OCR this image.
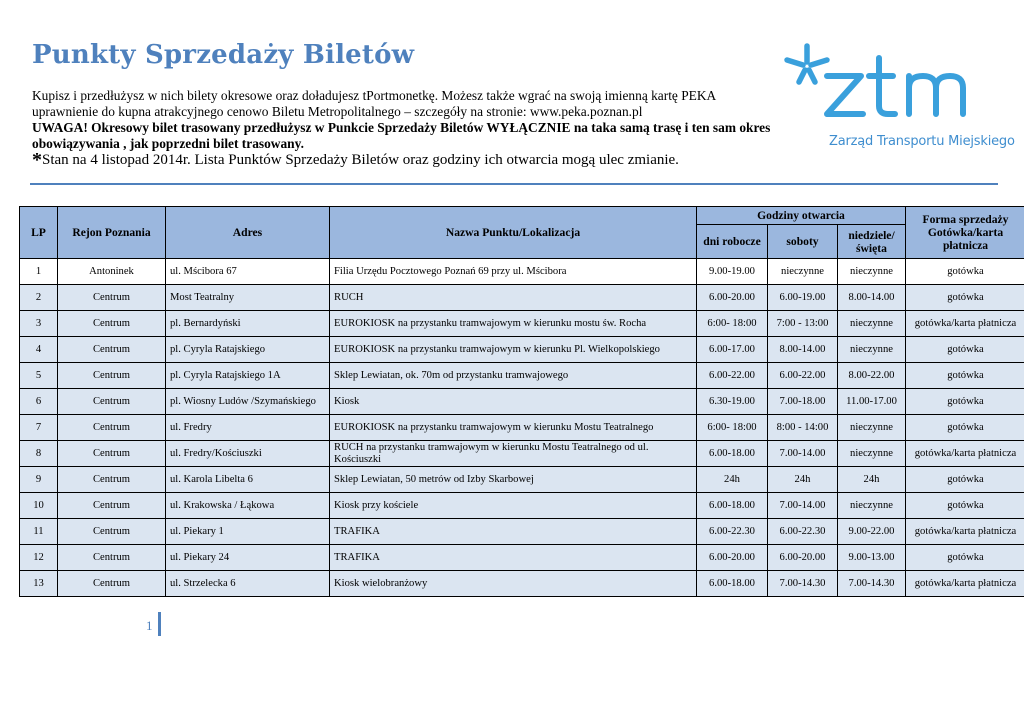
Punkty Sprzedaży Biletów

Kupisz i przedłużysz w nich bilety okresowe oraz doładujesz tPortmonetkę. Możesz także wgrać na swoją imienną kartę PEKA uprawnienie do kupna atrakcyjnego cenowo Biletu Metropolitalnego – szczegóły na stronie: www.peka.poznan.pl

UWAGA! Okresowy bilet trasowany przedłużysz w Punkcie Sprzedaży Biletów WYŁĄCZNIE na taka samą trasę i ten sam okres obowiązywania , jak poprzedni bilet trasowany.

*Stan na 4 listopad 2014r. Lista Punktów Sprzedaży Biletów oraz godziny ich otwarcia mogą ulec zmianie.

Zarząd Transportu Miejskiego
LP	Rejon Poznania	Adres	Nazwa Punktu/Lokalizacja	Godziny otwarcia			Forma sprzedaży Gotówka/karta płatnicza
				dni robocze	soboty	niedziele/ święta	
1	Antoninek	ul. Mścibora 67	Filia Urzędu Pocztowego Poznań 69 przy ul. Mścibora	9.00-19.00	nieczynne	nieczynne	gotówka
2	Centrum	Most Teatralny	RUCH	6.00-20.00	6.00-19.00	8.00-14.00	gotówka
3	Centrum	pl. Bernardyński	EUROKIOSK na przystanku tramwajowym w kierunku mostu św. Rocha	6:00- 18:00	7:00 - 13:00	nieczynne	gotówka/karta płatnicza
4	Centrum	pl. Cyryla Ratajskiego	EUROKIOSK na przystanku tramwajowym w kierunku Pl. Wielkopolskiego	6.00-17.00	8.00-14.00	nieczynne	gotówka
5	Centrum	pl. Cyryla Ratajskiego 1A	Sklep Lewiatan, ok. 70m od przystanku tramwajowego	6.00-22.00	6.00-22.00	8.00-22.00	gotówka
6	Centrum	pl. Wiosny Ludów /Szymańskiego	Kiosk	6.30-19.00	7.00-18.00	11.00-17.00	gotówka
7	Centrum	ul. Fredry	EUROKIOSK na przystanku tramwajowym w kierunku Mostu Teatralnego	6:00- 18:00	8:00 - 14:00	nieczynne	gotówka
8	Centrum	ul. Fredry/Kościuszki	RUCH na przystanku tramwajowym w kierunku Mostu Teatralnego od ul. Kościuszki	6.00-18.00	7.00-14.00	nieczynne	gotówka/karta płatnicza
9	Centrum	ul. Karola Libelta 6	Sklep Lewiatan, 50 metrów od Izby Skarbowej	24h	24h	24h	gotówka
10	Centrum	ul. Krakowska / Łąkowa	Kiosk przy kościele	6.00-18.00	7.00-14.00	nieczynne	gotówka
11	Centrum	ul. Piekary 1	TRAFIKA	6.00-22.30	6.00-22.30	9.00-22.00	gotówka/karta płatnicza
12	Centrum	ul. Piekary 24	TRAFIKA	6.00-20.00	6.00-20.00	9.00-13.00	gotówka
13	Centrum	ul. Strzelecka 6	Kiosk wielobranżowy	6.00-18.00	7.00-14.30	7.00-14.30	gotówka/karta płatnicza
1
